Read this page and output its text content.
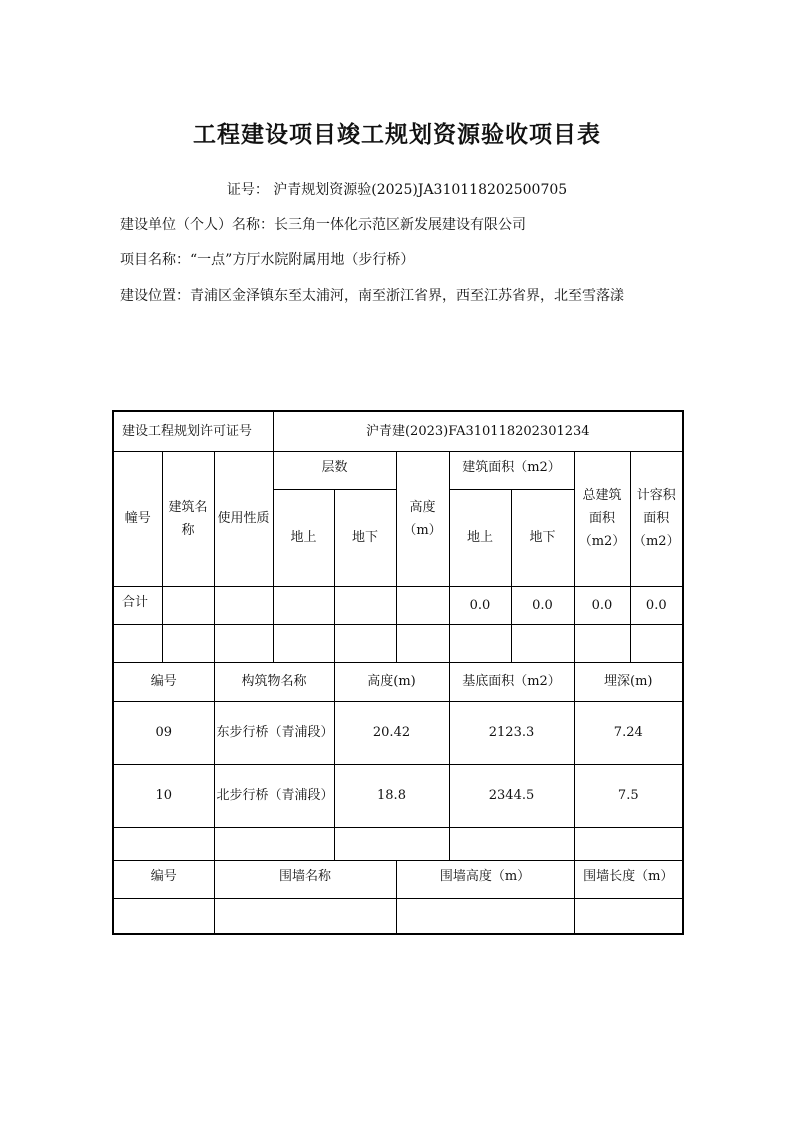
工程建设项目竣工规划资源验收项目表
证号： 沪青规划资源验(2025)JA310118202500705
建设单位（个人）名称：长三角一体化示范区新发展建设有限公司
项目名称：“一点”方厅水院附属用地（步行桥）
建设位置：青浦区金泽镇东至太浦河，南至浙江省界，西至江苏省界，北至雪落漾
建设工程规划许可证号			沪青建(2023)FA310118202301234						
幢号	建筑名称	使用性质	层数		高度（m）	建筑面积（m2）		总建筑面积（m2）	计容积面积（m2）
			地上	地下		地上	地下		
合计						0.0	0.0	0.0	0.0

编号		构筑物名称		高度(m)		基底面积（m2）		埋深(m)	
09		东步行桥（青浦段）		20.42		2123.3		7.24	
10		北步行桥（青浦段）		18.8		2344.5		7.5	

编号		围墙名称			围墙高度（m）			围墙长度（m）	
